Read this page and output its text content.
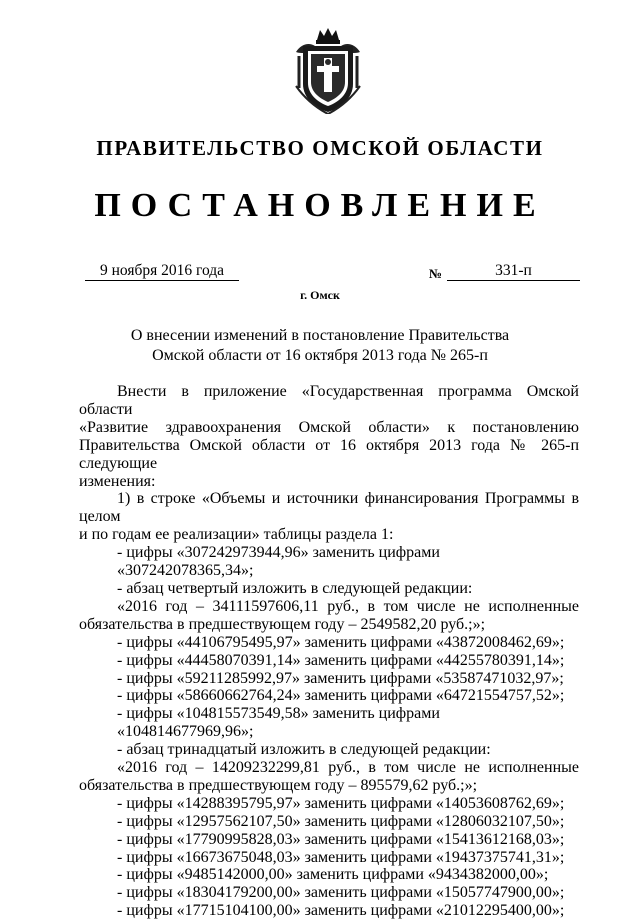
ПРАВИТЕЛЬСТВО ОМСКОЙ ОБЛАСТИ
ПОСТАНОВЛЕНИЕ
9 ноября 2016 года	№	331-п
г. Омск
О внесении изменений в постановление Правительства
Омской области от 16 октября 2013 года № 265-п

Внести в приложение «Государственная программа Омской области

«Развитие здравоохранения Омской области» к постановлению

Правительства Омской области от 16 октября 2013 года № 265-п следующие

изменения:

1) в строке «Объемы и источники финансирования Программы в целом

и по годам ее реализации» таблицы раздела 1:

- цифры «307242973944,96» заменить цифрами «307242078365,34»;

- абзац четвертый изложить в следующей редакции:

«2016 год – 34111597606,11 руб., в том числе не исполненные

обязательства в предшествующем году – 2549582,20 руб.;»;

- цифры «44106795495,97» заменить цифрами «43872008462,69»;

- цифры «44458070391,14» заменить цифрами «44255780391,14»;

- цифры «59211285992,97» заменить цифрами «53587471032,97»;

- цифры «58660662764,24» заменить цифрами «64721554757,52»;

- цифры «104815573549,58» заменить цифрами «104814677969,96»;

- абзац тринадцатый изложить в следующей редакции:

«2016 год – 14209232299,81 руб., в том числе не исполненные

обязательства в предшествующем году – 895579,62 руб.;»;

- цифры «14288395795,97» заменить цифрами «14053608762,69»;

- цифры «12957562107,50» заменить цифрами «12806032107,50»;

- цифры «17790995828,03» заменить цифрами «15413612168,03»;

- цифры «16673675048,03» заменить цифрами «19437375741,31»;

- цифры «9485142000,00» заменить цифрами «9434382000,00»;

- цифры «18304179200,00» заменить цифрами «15057747900,00»;

- цифры «17715104100,00» заменить цифрами «21012295400,00»;
